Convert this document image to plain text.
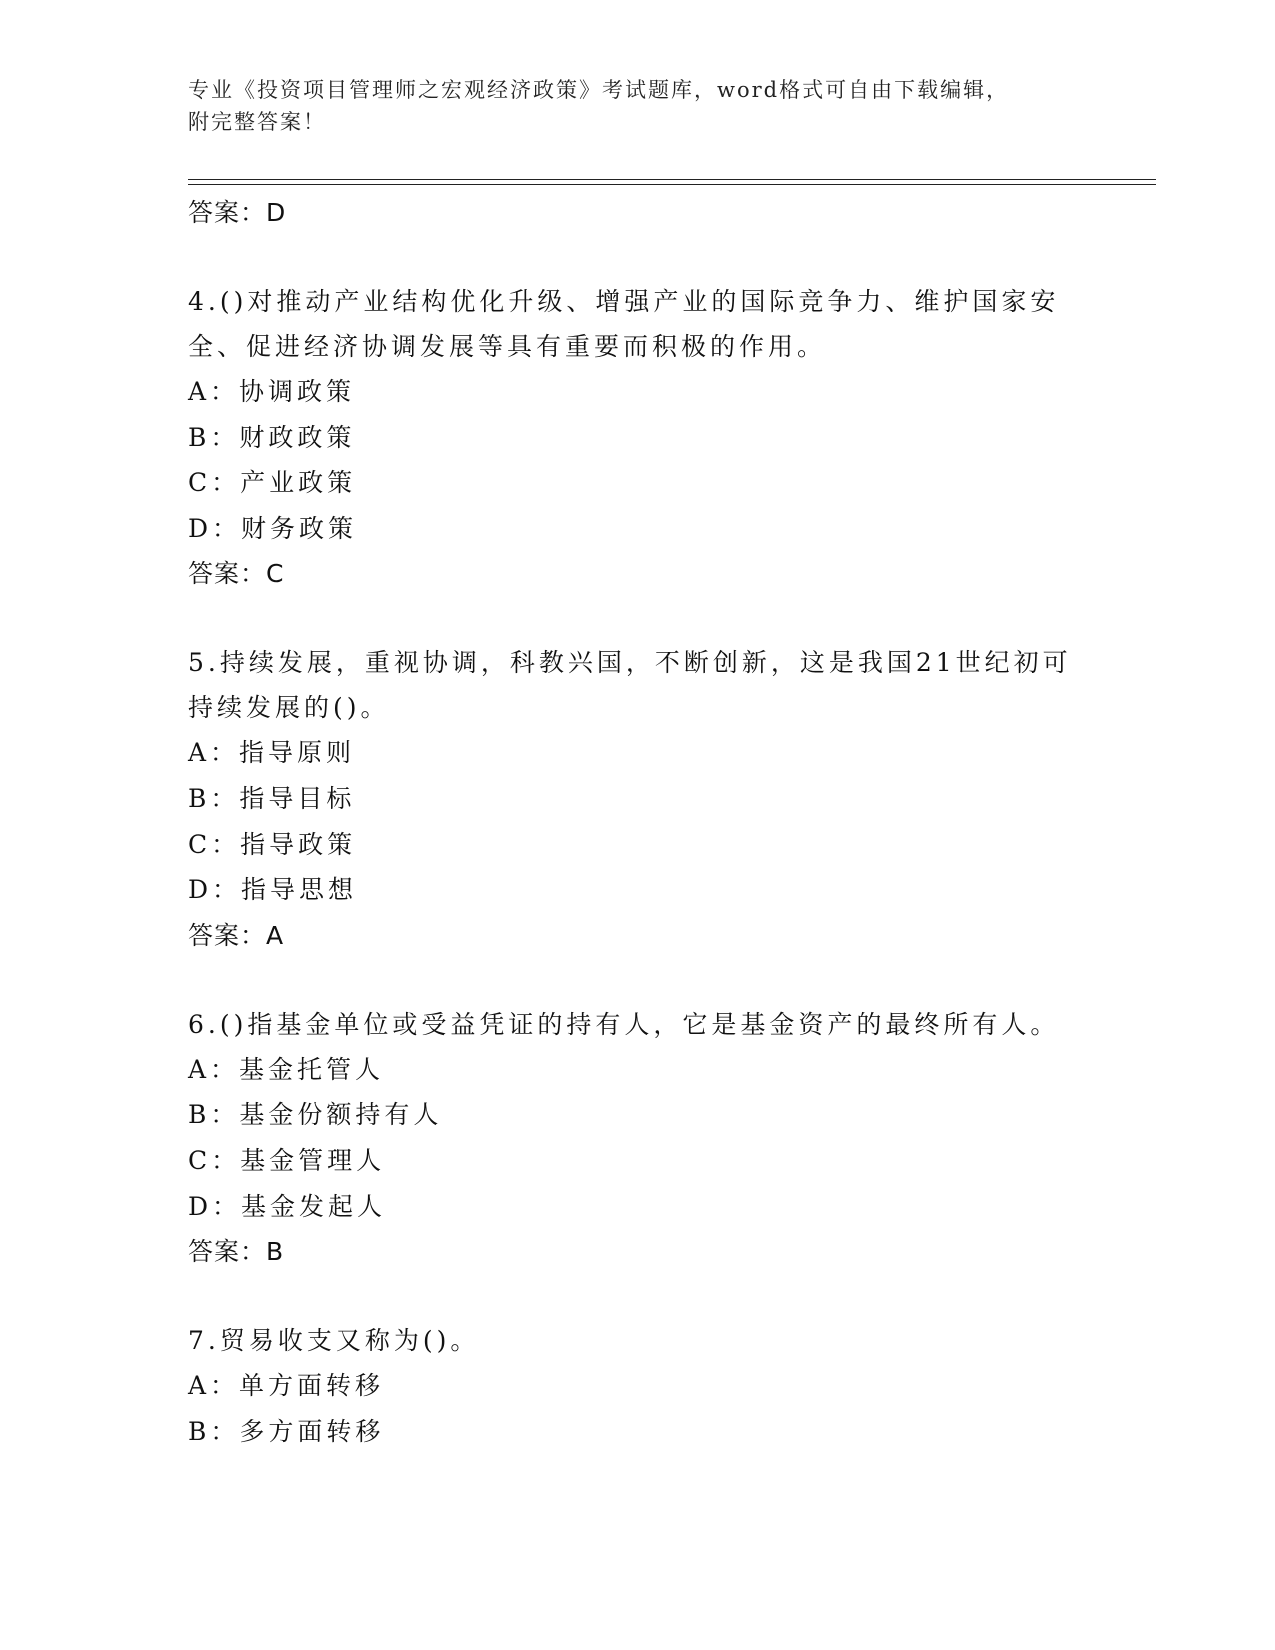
专业《投资项目管理师之宏观经济政策》考试题库，word格式可自由下载编辑，
附完整答案！
答案：D
4.()对推动产业结构优化升级、增强产业的国际竞争力、维护国家安全、促进经济协调发展等具有重要而积极的作用。
A：协调政策
B：财政政策
C：产业政策
D：财务政策
答案：C
5.持续发展，重视协调，科教兴国，不断创新，这是我国21世纪初可持续发展的()。
A：指导原则
B：指导目标
C：指导政策
D：指导思想
答案：A
6.()指基金单位或受益凭证的持有人，它是基金资产的最终所有人。
A：基金托管人
B：基金份额持有人
C：基金管理人
D：基金发起人
答案：B
7.贸易收支又称为()。
A：单方面转移
B：多方面转移
